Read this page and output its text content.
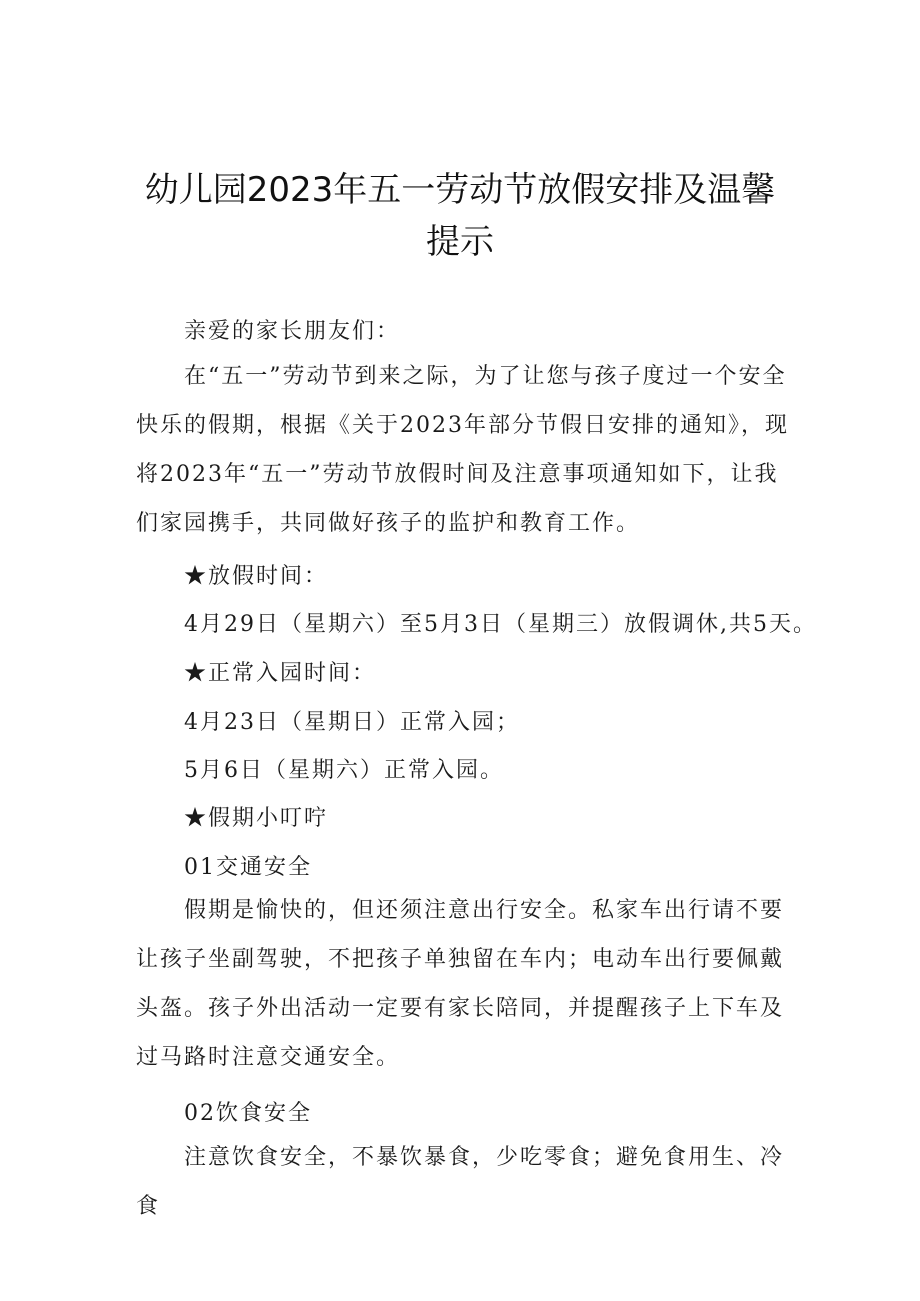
幼儿园2023年五一劳动节放假安排及温馨
提示
亲爱的家长朋友们：

在“五一”劳动节到来之际，为了让您与孩子度过一个安全快乐的假期，根据《关于2023年部分节假日安排的通知》，现将2023年“五一”劳动节放假时间及注意事项通知如下，让我们家园携手，共同做好孩子的监护和教育工作。

★放假时间：
4月29日（星期六）至5月3日（星期三）放假调休,共5天。
★正常入园时间：
4月23日（星期日）正常入园；
5月6日（星期六）正常入园。
★假期小叮咛
01交通安全

假期是愉快的，但还须注意出行安全。私家车出行请不要让孩子坐副驾驶，不把孩子单独留在车内；电动车出行要佩戴头盔。孩子外出活动一定要有家长陪同，并提醒孩子上下车及过马路时注意交通安全。

02饮食安全

注意饮食安全，不暴饮暴食，少吃零食；避免食用生、冷食
